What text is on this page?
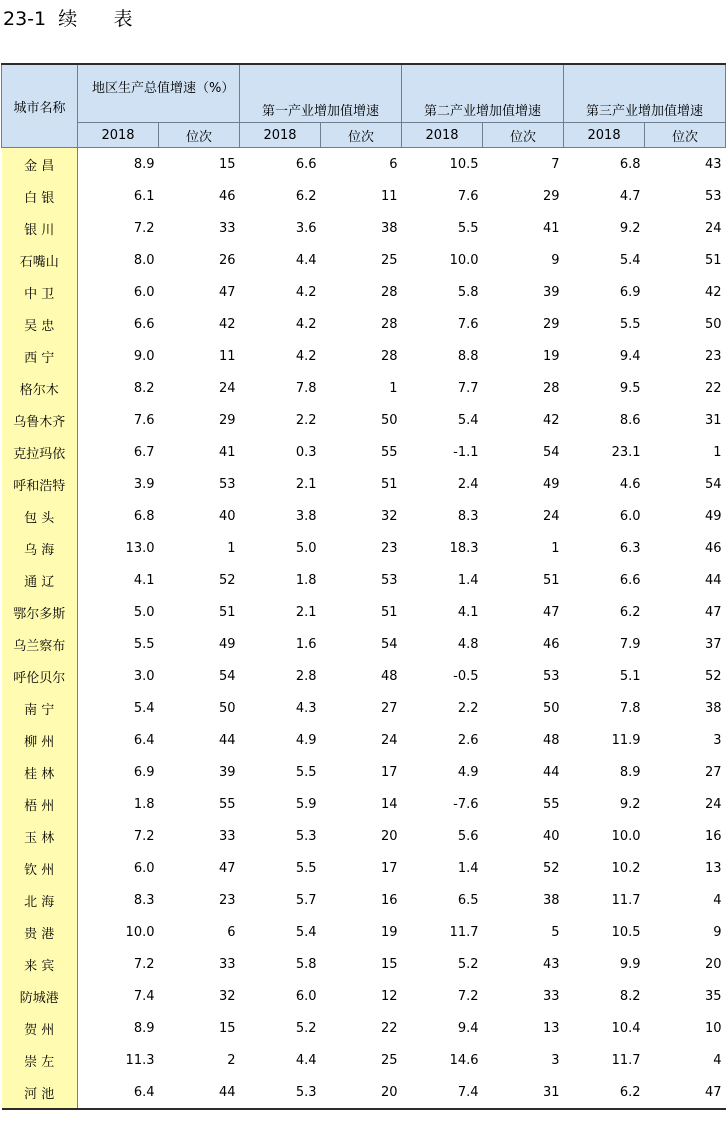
23-1  续      表
城市名称	地区生产总值增速（%）		第一产业增加值增速		第二产业增加值增速		第三产业增加值增速	
	2018	位次	2018	位次	2018	位次	2018	位次
金 昌	8.9	15	6.6	6	10.5	7	6.8	43
白 银	6.1	46	6.2	11	7.6	29	4.7	53
银 川	7.2	33	3.6	38	5.5	41	9.2	24
石嘴山	8.0	26	4.4	25	10.0	9	5.4	51
中 卫	6.0	47	4.2	28	5.8	39	6.9	42
吴 忠	6.6	42	4.2	28	7.6	29	5.5	50
西 宁	9.0	11	4.2	28	8.8	19	9.4	23
格尔木	8.2	24	7.8	1	7.7	28	9.5	22
乌鲁木齐	7.6	29	2.2	50	5.4	42	8.6	31
克拉玛依	6.7	41	0.3	55	-1.1	54	23.1	1
呼和浩特	3.9	53	2.1	51	2.4	49	4.6	54
包 头	6.8	40	3.8	32	8.3	24	6.0	49
乌 海	13.0	1	5.0	23	18.3	1	6.3	46
通 辽	4.1	52	1.8	53	1.4	51	6.6	44
鄂尔多斯	5.0	51	2.1	51	4.1	47	6.2	47
乌兰察布	5.5	49	1.6	54	4.8	46	7.9	37
呼伦贝尔	3.0	54	2.8	48	-0.5	53	5.1	52
南 宁	5.4	50	4.3	27	2.2	50	7.8	38
柳 州	6.4	44	4.9	24	2.6	48	11.9	3
桂 林	6.9	39	5.5	17	4.9	44	8.9	27
梧 州	1.8	55	5.9	14	-7.6	55	9.2	24
玉 林	7.2	33	5.3	20	5.6	40	10.0	16
钦 州	6.0	47	5.5	17	1.4	52	10.2	13
北 海	8.3	23	5.7	16	6.5	38	11.7	4
贵 港	10.0	6	5.4	19	11.7	5	10.5	9
来 宾	7.2	33	5.8	15	5.2	43	9.9	20
防城港	7.4	32	6.0	12	7.2	33	8.2	35
贺 州	8.9	15	5.2	22	9.4	13	10.4	10
崇 左	11.3	2	4.4	25	14.6	3	11.7	4
河 池	6.4	44	5.3	20	7.4	31	6.2	47
